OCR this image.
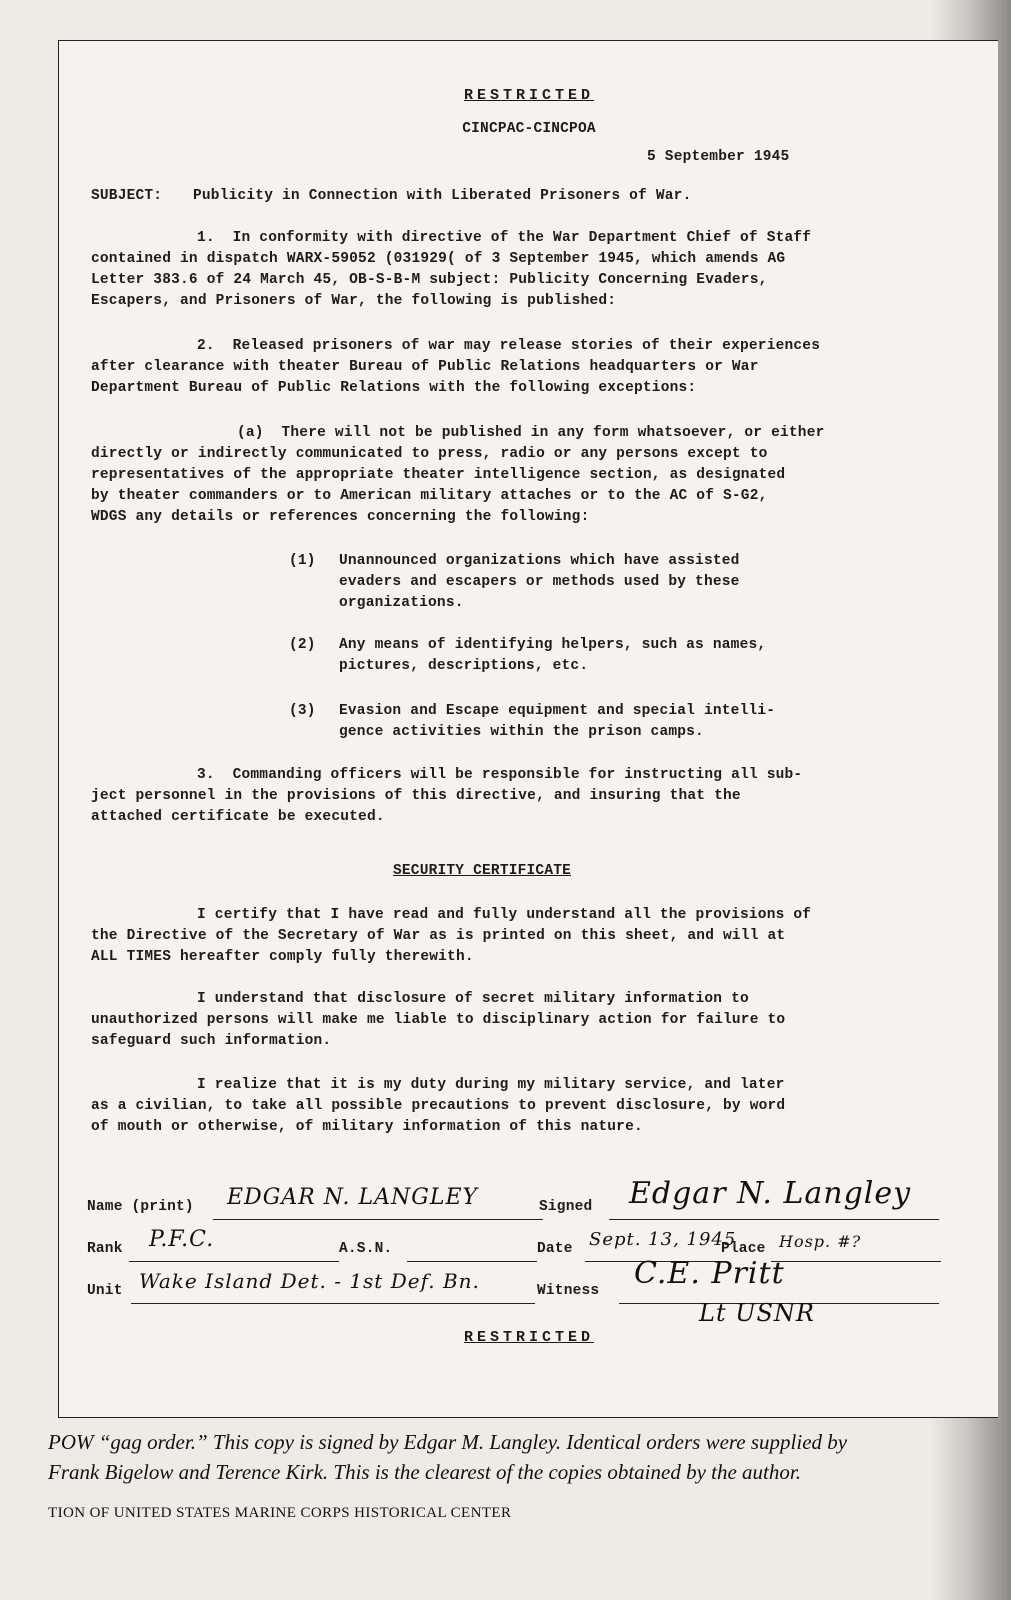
RESTRICTED
CINCPAC-CINCPOA
5 September 1945
SUBJECT: Publicity in Connection with Liberated Prisoners of War.
1.  In conformity with directive of the War Department Chief of Staff
contained in dispatch WARX-59052 (031929( of 3 September 1945, which amends AG
Letter 383.6 of 24 March 45, OB-S-B-M subject: Publicity Concerning Evaders,
Escapers, and Prisoners of War, the following is published:
2.  Released prisoners of war may release stories of their experiences
after clearance with theater Bureau of Public Relations headquarters or War
Department Bureau of Public Relations with the following exceptions:
(a)  There will not be published in any form whatsoever, or either
directly or indirectly communicated to press, radio or any persons except to
representatives of the appropriate theater intelligence section, as designated
by theater commanders or to American military attaches or to the AC of S-G2,
WDGS any details or references concerning the following:
(1) Unannounced organizations which have assisted
evaders and escapers or methods used by these
organizations.
(2) Any means of identifying helpers, such as names,
pictures, descriptions, etc.
(3) Evasion and Escape equipment and special intelli-
gence activities within the prison camps.
3.  Commanding officers will be responsible for instructing all sub-
ject personnel in the provisions of this directive, and insuring that the
attached certificate be executed.
SECURITY CERTIFICATE
I certify that I have read and fully understand all the provisions of
the Directive of the Secretary of War as is printed on this sheet, and will at
ALL TIMES hereafter comply fully therewith.
I understand that disclosure of secret military information to
unauthorized persons will make me liable to disciplinary action for failure to
safeguard such information.
I realize that it is my duty during my military service, and later
as a civilian, to take all possible precautions to prevent disclosure, by word
of mouth or otherwise, of military information of this nature.
Name (print) EDGAR N. LANGLEY	Signed Edgar N. Langley
Rank P.F.C.	A.S.N.	Date Sept. 13, 1945
Place Hosp. #?
Unit Wake Island Det. - 1st Def. Bn.	Witness C.E. Pritt
Lt USNR
RESTRICTED
POW “gag order.” This copy is signed by Edgar M. Langley. Identical orders were supplied by
Frank Bigelow and Terence Kirk. This is the clearest of the copies obtained by the author.
TION OF UNITED STATES MARINE CORPS HISTORICAL CENTER
